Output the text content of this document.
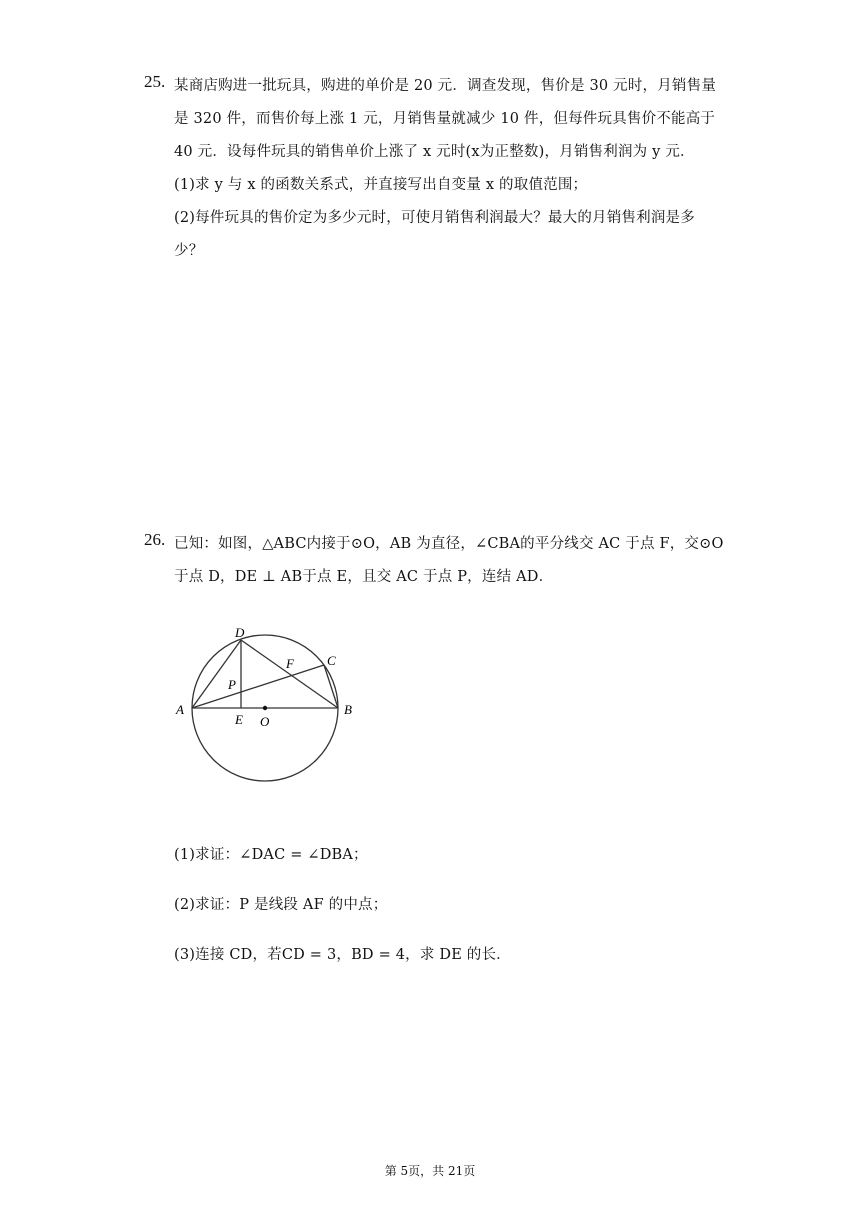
25. 某商店购进一批玩具，购进的单价是 20 元．调查发现，售价是 30 元时，月销售量
是 320 件，而售价每上涨 1 元，月销售量就减少 10 件，但每件玩具售价不能高于
40 元．设每件玩具的销售单价上涨了 x 元时(x为正整数)，月销售利润为 y 元．
(1)求 y 与 x 的函数关系式，并直接写出自变量 x 的取值范围；
(2)每件玩具的售价定为多少元时，可使月销售利润最大？最大的月销售利润是多
少？
26. 已知：如图，△ABC内接于⊙O，AB 为直径，∠CBA的平分线交 AC 于点 F，交⊙O
于点 D，DE ⊥ AB于点 E，且交 AC 于点 P，连结 AD．
D
F	C
P
A	B
E O
(1)求证：∠DAC = ∠DBA；
(2)求证：P 是线段 AF 的中点；
(3)连接 CD，若CD = 3，BD = 4，求 DE 的长．
第 5页，共 21页
